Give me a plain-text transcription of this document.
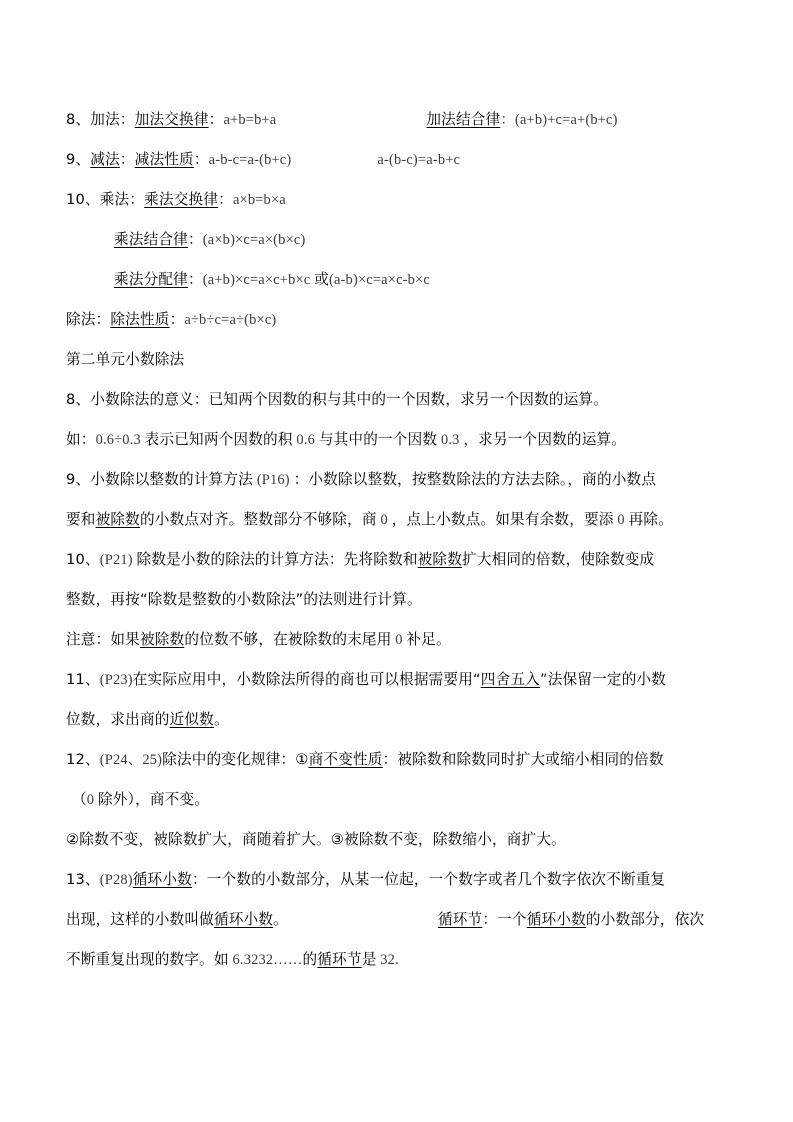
8、加法：加法交换律：a+b=b+a	加法结合律：(a+b)+c=a+(b+c)
9、减法：减法性质：a-b-c=a-(b+c)	a-(b-c)=a-b+c
10、乘法：乘法交换律：a×b=b×a
乘法结合律：(a×b)×c=a×(b×c)
乘法分配律：(a+b)×c=a×c+b×c 或(a-b)×c=a×c-b×c
除法：除法性质：a÷b÷c=a÷(b×c)
第二单元小数除法
8、小数除法的意义：已知两个因数的积与其中的一个因数，求另一个因数的运算。
如：0.6÷0.3 表示已知两个因数的积 0.6 与其中的一个因数 0.3 ，求另一个因数的运算。
9、小数除以整数的计算方法 (P16) ：小数除以整数，按整数除法的方法去除。，商的小数点
要和被除数的小数点对齐。整数部分不够除，商 0 ，点上小数点。如果有余数，要添 0 再除。
10、(P21) 除数是小数的除法的计算方法：先将除数和被除数扩大相同的倍数，使除数变成
整数，再按“除数是整数的小数除法”的法则进行计算。
注意：如果被除数的位数不够，在被除数的末尾用 0 补足。
11、(P23)在实际应用中，小数除法所得的商也可以根据需要用“四舍五入”法保留一定的小数
位数，求出商的近似数。
12、(P24、25)除法中的变化规律：①商不变性质：被除数和除数同时扩大或缩小相同的倍数
（0 除外），商不变。
②除数不变，被除数扩大，商随着扩大。③被除数不变，除数缩小，商扩大。
13、(P28)循环小数：一个数的小数部分，从某一位起，一个数字或者几个数字依次不断重复
出现，这样的小数叫做循环小数。	循环节：一个循环小数的小数部分，依次
不断重复出现的数字。如 6.3232……的循环节是 32.
